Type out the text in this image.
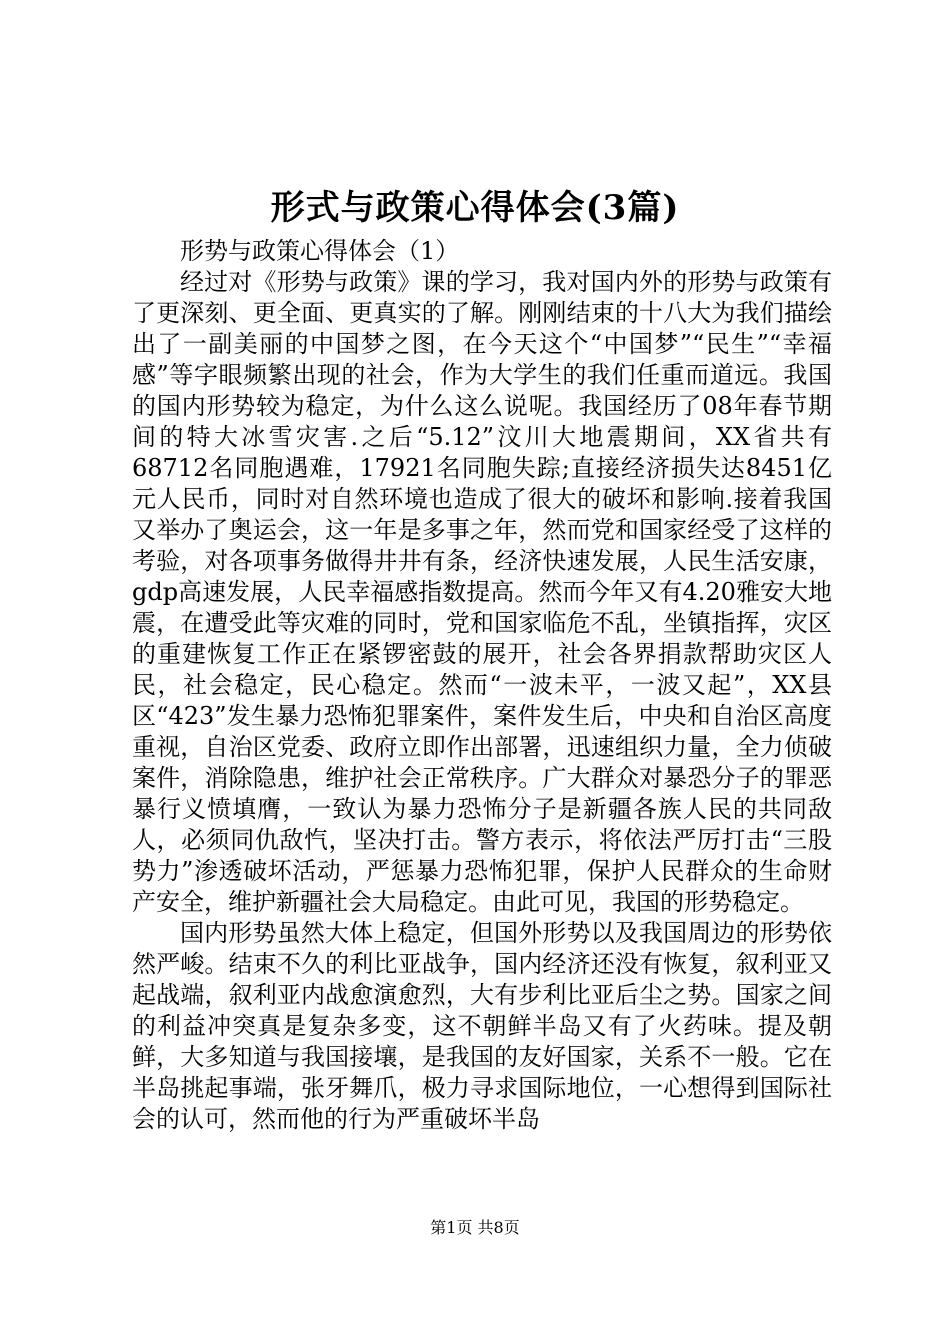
形式与政策心得体会(3篇)

形势与政策心得体会（1）

经过对《形势与政策》课的学习，我对国内外的形势与政策有了更深刻、更全面、更真实的了解。刚刚结束的十八大为我们描绘出了一副美丽的中国梦之图，在今天这个“中国梦”“民生”“幸福感”等字眼频繁出现的社会，作为大学生的我们任重而道远。我国的国内形势较为稳定，为什么这么说呢。我国经历了08年春节期间的特大冰雪灾害.之后“5.12”汶川大地震期间，XX省共有68712名同胞遇难，17921名同胞失踪;直接经济损失达8451亿元人民币，同时对自然环境也造成了很大的破坏和影响.接着我国又举办了奥运会，这一年是多事之年，然而党和国家经受了这样的考验，对各项事务做得井井有条，经济快速发展，人民生活安康，gdp高速发展，人民幸福感指数提高。然而今年又有4.20雅安大地震，在遭受此等灾难的同时，党和国家临危不乱，坐镇指挥，灾区的重建恢复工作正在紧锣密鼓的展开，社会各界捐款帮助灾区人民，社会稳定，民心稳定。然而“一波未平，一波又起”，XX县区“423”发生暴力恐怖犯罪案件，案件发生后，中央和自治区高度重视，自治区党委、政府立即作出部署，迅速组织力量，全力侦破案件，消除隐患，维护社会正常秩序。广大群众对暴恐分子的罪恶暴行义愤填膺，一致认为暴力恐怖分子是新疆各族人民的共同敌人，必须同仇敌忾，坚决打击。警方表示，将依法严厉打击“三股势力”渗透破坏活动，严惩暴力恐怖犯罪，保护人民群众的生命财产安全，维护新疆社会大局稳定。由此可见，我国的形势稳定。

国内形势虽然大体上稳定，但国外形势以及我国周边的形势依然严峻。结束不久的利比亚战争，国内经济还没有恢复，叙利亚又起战端，叙利亚内战愈演愈烈，大有步利比亚后尘之势。国家之间的利益冲突真是复杂多变，这不朝鲜半岛又有了火药味。提及朝鲜，大多知道与我国接壤，是我国的友好国家，关系不一般。它在半岛挑起事端，张牙舞爪，极力寻求国际地位，一心想得到国际社会的认可，然而他的行为严重破坏半岛

第1页 共8页
